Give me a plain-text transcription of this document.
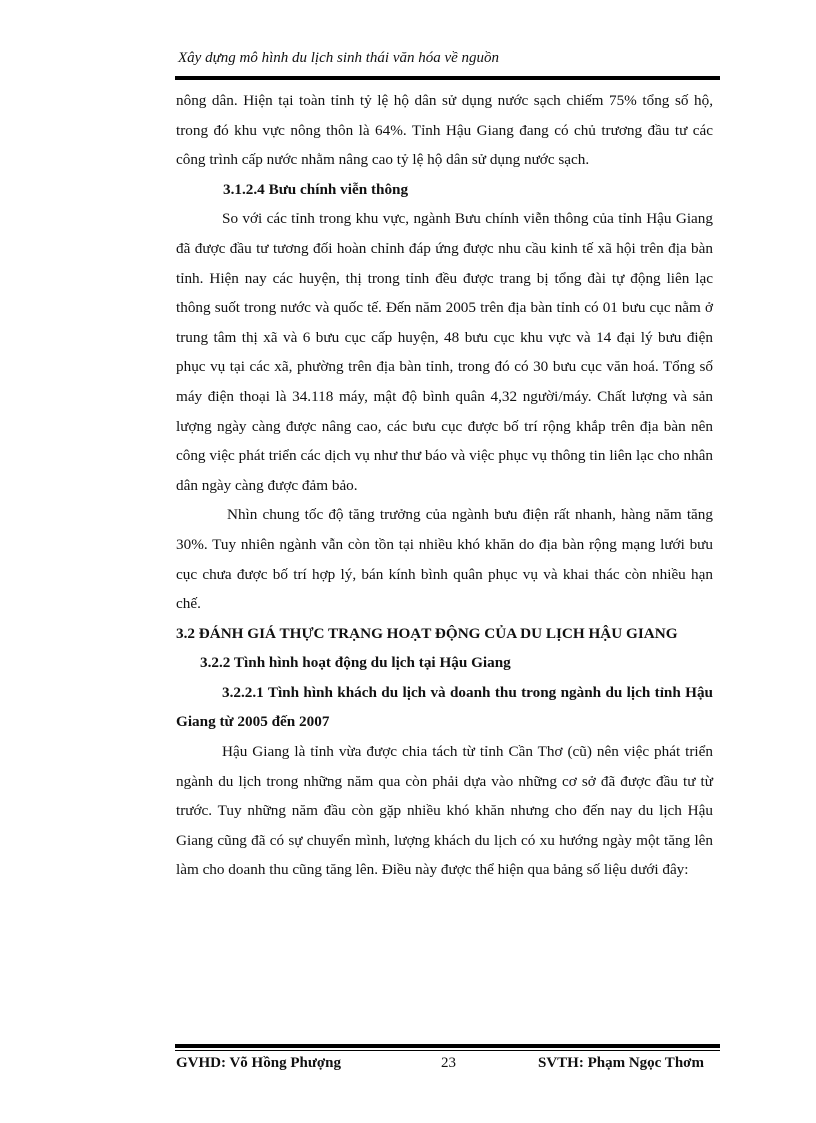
Xây dựng mô hình du lịch sinh thái văn hóa về nguồn

nông dân. Hiện tại toàn tỉnh tỷ lệ hộ dân sử dụng nước sạch chiếm 75% tổng số hộ, trong đó khu vực nông thôn là 64%. Tỉnh Hậu Giang đang có chủ trương đầu tư các công trình cấp nước nhằm nâng cao tỷ lệ hộ dân sử dụng nước sạch.

3.1.2.4 Bưu chính viễn thông

So với các tỉnh trong khu vực, ngành Bưu chính viễn thông của tỉnh Hậu Giang đã được đầu tư tương đối hoàn chỉnh đáp ứng được nhu cầu kinh tế xã hội trên địa bàn tỉnh. Hiện nay các huyện, thị trong tỉnh đều được trang bị tổng đài tự động liên lạc thông suốt trong nước và quốc tế. Đến năm 2005 trên địa bàn tỉnh có 01 bưu cục nằm ở trung tâm thị xã và 6 bưu cục cấp huyện, 48 bưu cục khu vực và 14 đại lý bưu điện phục vụ tại các xã, phường trên địa bàn tỉnh, trong đó có 30 bưu cục văn hoá. Tổng số máy điện thoại là 34.118 máy, mật độ bình quân 4,32 người/máy. Chất lượng và sản lượng ngày càng được nâng cao, các bưu cục được bố trí rộng khắp trên địa bàn nên công việc phát triển các dịch vụ như thư báo và việc phục vụ thông tin liên lạc cho nhân dân ngày càng được đảm bảo.

Nhìn chung tốc độ tăng trưởng của ngành bưu điện rất nhanh, hàng năm tăng 30%. Tuy nhiên ngành vẫn còn tồn tại nhiều khó khăn do địa bàn rộng mạng lưới bưu cục chưa được bố trí hợp lý, bán kính bình quân phục vụ và khai thác còn nhiều hạn chế.

3.2 ĐÁNH GIÁ THỰC TRẠNG HOẠT ĐỘNG CỦA DU LỊCH HẬU GIANG

3.2.2 Tình hình hoạt động du lịch tại Hậu Giang

3.2.2.1 Tình hình khách du lịch và doanh thu trong ngành du lịch tỉnh Hậu Giang từ 2005 đến 2007

Hậu Giang là tỉnh vừa được chia tách từ tỉnh Cần Thơ (cũ) nên việc phát triển ngành du lịch trong những năm qua còn phải dựa vào những cơ sở đã được đầu tư từ trước. Tuy những năm đầu còn gặp nhiều khó khăn nhưng cho đến nay du lịch Hậu Giang cũng đã có sự chuyển mình, lượng khách du lịch có xu hướng ngày một tăng lên làm cho doanh thu cũng tăng lên. Điều này được thể hiện qua bảng số liệu dưới đây:

GVHD: Võ Hồng Phượng	23	SVTH: Phạm Ngọc Thơm
